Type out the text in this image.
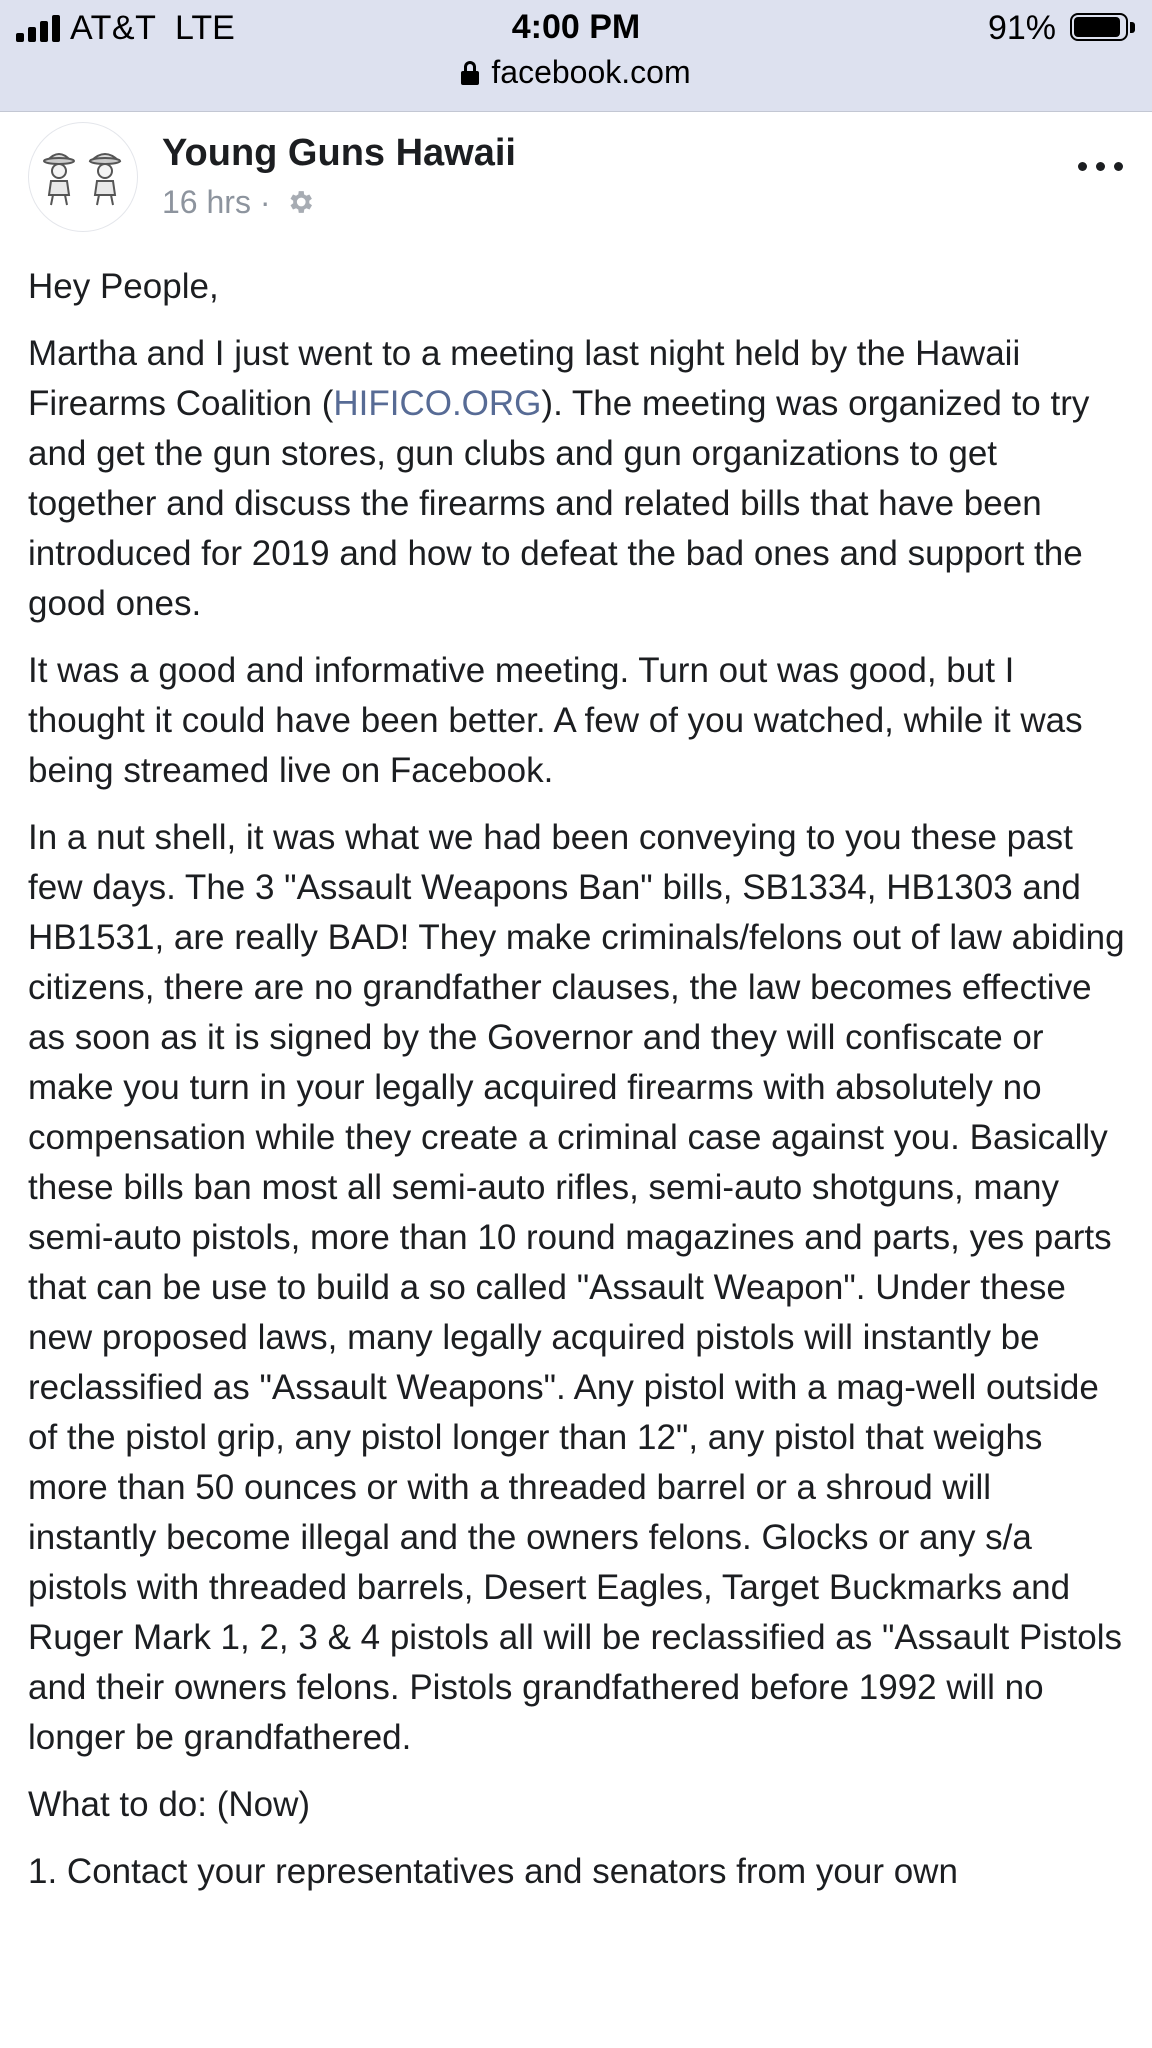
AT&T LTE	4:00 PM	91%
facebook.com
Young Guns Hawaii
16 hrs ·

Hey People,

Martha and I just went to a meeting last night held by the Hawaii Firearms Coalition (HIFICO.ORG). The meeting was organized to try and get the gun stores, gun clubs and gun organizations to get together and discuss the firearms and related bills that have been introduced for 2019 and how to defeat the bad ones and support the good ones.

It was a good and informative meeting. Turn out was good, but I thought it could have been better. A few of you watched, while it was being streamed live on Facebook.

In a nut shell, it was what we had been conveying to you these past few days. The 3 "Assault Weapons Ban" bills, SB1334, HB1303 and HB1531, are really BAD! They make criminals/felons out of law abiding citizens, there are no grandfather clauses, the law becomes effective as soon as it is signed by the Governor and they will confiscate or make you turn in your legally acquired firearms with absolutely no compensation while they create a criminal case against you. Basically these bills ban most all semi-auto rifles, semi-auto shotguns, many semi-auto pistols, more than 10 round magazines and parts, yes parts that can be use to build a so called "Assault Weapon". Under these new proposed laws, many legally acquired pistols will instantly be reclassified as "Assault Weapons". Any pistol with a mag-well outside of the pistol grip, any pistol longer than 12", any pistol that weighs more than 50 ounces or with a threaded barrel or a shroud will instantly become illegal and the owners felons. Glocks or any s/a pistols with threaded barrels, Desert Eagles, Target Buckmarks and Ruger Mark 1, 2, 3 & 4 pistols all will be reclassified as "Assault Pistols and their owners felons. Pistols grandfathered before 1992 will no longer be grandfathered.

What to do: (Now)

1. Contact your representatives and senators from your own
